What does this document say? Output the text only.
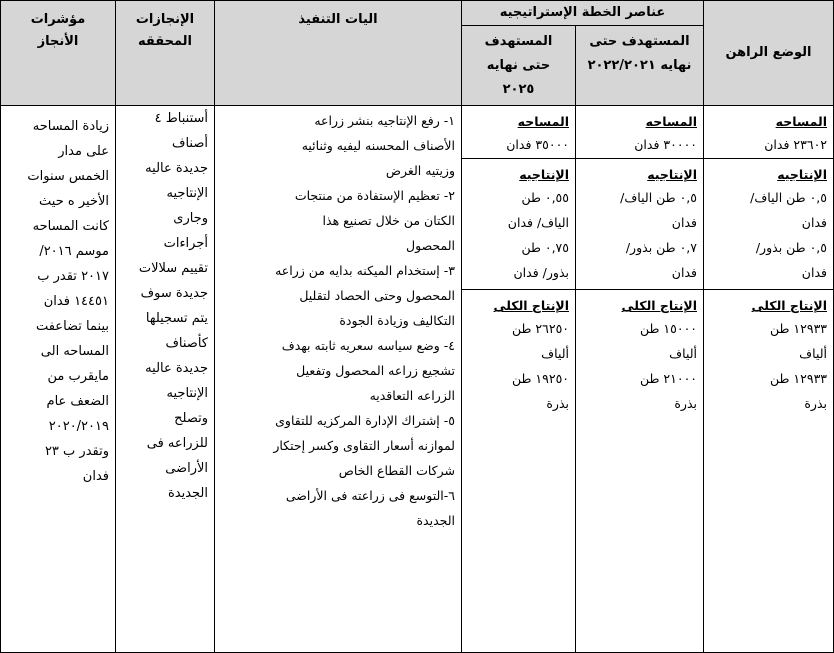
مؤشرات الأنجاز
الإنجازات المحققه
اليات التنفيذ	عناصر الخطة الإستراتيجيه
المستهدف حتى نهايه ٢٠٢٥
المستهدف حتى نهايه ٢٠٢٢/٢٠٢١
الوضع الراهن
زيادة المساحه
على مدار
الخمس سنوات
الأخير ه حيث
كانت المساحه
موسم ٢٠١٦/
٢٠١٧ تقدر ب
١٤٤٥١ فدان
بينما تضاعفت
المساحه الى
مايقرب من
الضعف عام
٢٠٢٠/٢٠١٩
وتقدر ب ٢٣
فدان
أستنباط ٤
أصناف
جديدة عاليه
الإنتاجيه
وجارى
أجراءات
تقييم سلالات
جديدة سوف
يتم تسجيلها
كأصناف
جديدة عاليه
الإنتاجيه
وتصلح
للزراعه فى
الأراضى
الجديدة
١- رفع الإنتاجيه بنشر زراعه
الأصناف المحسنه ليفيه وثنائيه
وزيتيه الغرض
٢- تعظيم الإستفادة من منتجات
الكتان من خلال تصنيع هذا
المحصول
٣- إستخدام الميكنه بدايه من زراعه
المحصول وحتى الحصاد لتقليل
التكاليف وزيادة الجودة
٤- وضع سياسه سعريه ثابته بهدف
تشجيع زراعه المحصول وتفعيل
الزراعه التعاقديه
٥- إشتراك الإدارة المركزيه للتقاوى
لموازنه أسعار التقاوى وكسر إحتكار
شركات القطاع الخاص
٦-التوسع فى زراعته فى الأراضى
الجديدة
المساحه
٣٥٠٠٠ فدان
الإنتاجيه
٠,٥٥ طن
الياف/ فدان
٠,٧٥ طن
بذور/ فدان
الإنتاج الكلى
٢٦٢٥٠ طن
ألياف
١٩٢٥٠ طن
بذرة
المساحه
٣٠٠٠٠ فدان
الإنتاجيه
٠,٥ طن الياف/
فدان
٠,٧ طن بذور/
فدان
الإنتاج الكلى
١٥٠٠٠ طن
ألياف
٢١٠٠٠ طن
بذرة
المساحه
٢٣٦٠٢ فدان
الإنتاجيه
٠,٥ طن الياف/
فدان
٠,٥ طن بذور/
فدان
الإنتاج الكلى
١٢٩٣٣ طن
ألياف
١٢٩٣٣ طن
بذرة
